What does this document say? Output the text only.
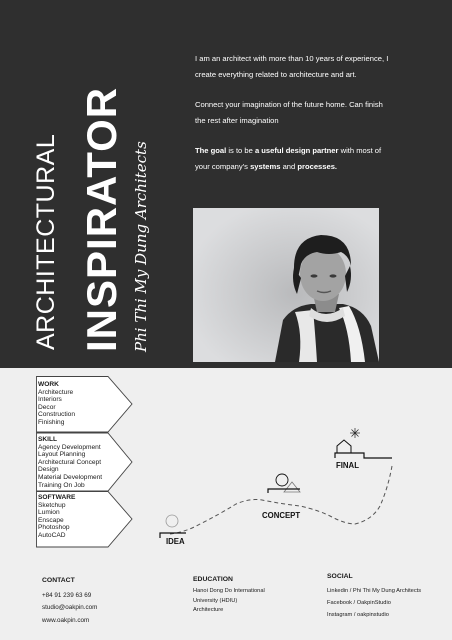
ARCHITECTURAL INSPIRATOR Phi Thi My Dung Architects

I am an architect with more than 10 years of experience, I create everything related to architecture and art.

Connect your imagination of the future home. Can finish the rest after imagination

The goal is to be a useful design partner with most of your company's systems and processes.

WORK
Architecture
Interiors
Decor
Construction
Finishing
SKILL
Agency Development
Layout Planning
Architectural Concept
Design
Material Development
Training On Job
SOFTWARE
Sketchup
Lumion
Enscape
Photoshop
AutoCAD
IDEA
CONCEPT
FINAL
CONTACT
+84 91 239 63 69
studio@oakpin.com
www.oakpin.com
EDUCATION
Hanoi Dong Do International
University (HDIU)
Architecture
SOCIAL
Linkedin / Phi Thi My Dung Architects
Facebook / OakpinStudio
Instagram / oakpinstudio
